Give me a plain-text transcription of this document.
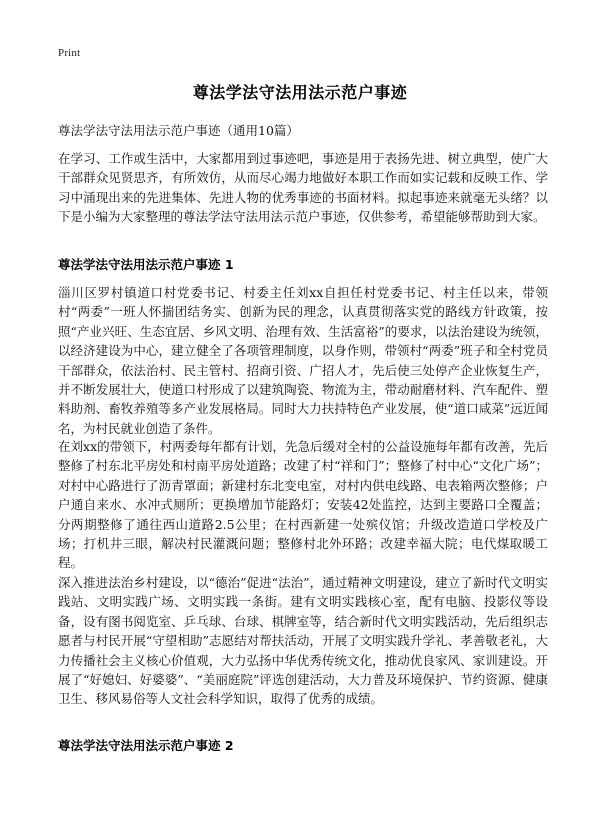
Print
尊法学法守法用法示范户事迹
尊法学法守法用法示范户事迹（通用10篇）

在学习、工作或生活中，大家都用到过事迹吧，事迹是用于表扬先进、树立典型，使广大干部群众见贤思齐，有所效仿，从而尽心竭力地做好本职工作而如实记载和反映工作、学习中涌现出来的先进集体、先进人物的优秀事迹的书面材料。拟起事迹来就毫无头绪？以下是小编为大家整理的尊法学法守法用法示范户事迹，仅供参考，希望能够帮助到大家。

尊法学法守法用法示范户事迹 1

淄川区罗村镇道口村党委书记、村委主任刘xx自担任村党委书记、村主任以来，带领村“两委”一班人怀揣团结务实、创新为民的理念，认真贯彻落实党的路线方针政策，按照“产业兴旺、生态宜居、乡风文明、治理有效、生活富裕”的要求，以法治建设为统领，以经济建设为中心，建立健全了各项管理制度，以身作则，带领村“两委”班子和全村党员干部群众，依法治村、民主管村、招商引资、广招人才，先后使三处停产企业恢复生产，并不断发展壮大，使道口村形成了以建筑陶瓷、物流为主，带动耐磨材料、汽车配件、塑料助剂、畜牧养殖等多产业发展格局。同时大力扶持特色产业发展，使“道口咸菜”远近闻名，为村民就业创造了条件。

在刘xx的带领下，村两委每年都有计划，先急后缓对全村的公益设施每年都有改善，先后整修了村东北平房处和村南平房处道路；改建了村“祥和门”；整修了村中心“文化广场”；对村中心路进行了沥青罩面；新建村东北变电室，对村内供电线路、电表箱两次整修；户户通自来水、水冲式厕所；更换增加节能路灯；安装42处监控，达到主要路口全覆盖；分两期整修了通往西山道路2.5公里；在村西新建一处殡仪馆；升级改造道口学校及广场；打机井三眼，解决村民灌溉问题；整修村北外环路；改建幸福大院；电代煤取暖工程。

深入推进法治乡村建设，以“德治”促进“法治”，通过精神文明建设，建立了新时代文明实践站、文明实践广场、文明实践一条街。建有文明实践核心室，配有电脑、投影仪等设备，设有图书阅览室、乒乓球、台球、棋牌室等，结合新时代文明实践活动，先后组织志愿者与村民开展“守望相助”志愿结对帮扶活动，开展了文明实践升学礼、孝善敬老礼，大力传播社会主义核心价值观，大力弘扬中华优秀传统文化，推动优良家风、家训建设。开展了“好媳妇、好婆婆”、“美丽庭院”评选创建活动，大力普及环境保护、节约资源、健康卫生、移风易俗等人文社会科学知识，取得了优秀的成绩。

尊法学法守法用法示范户事迹 2
